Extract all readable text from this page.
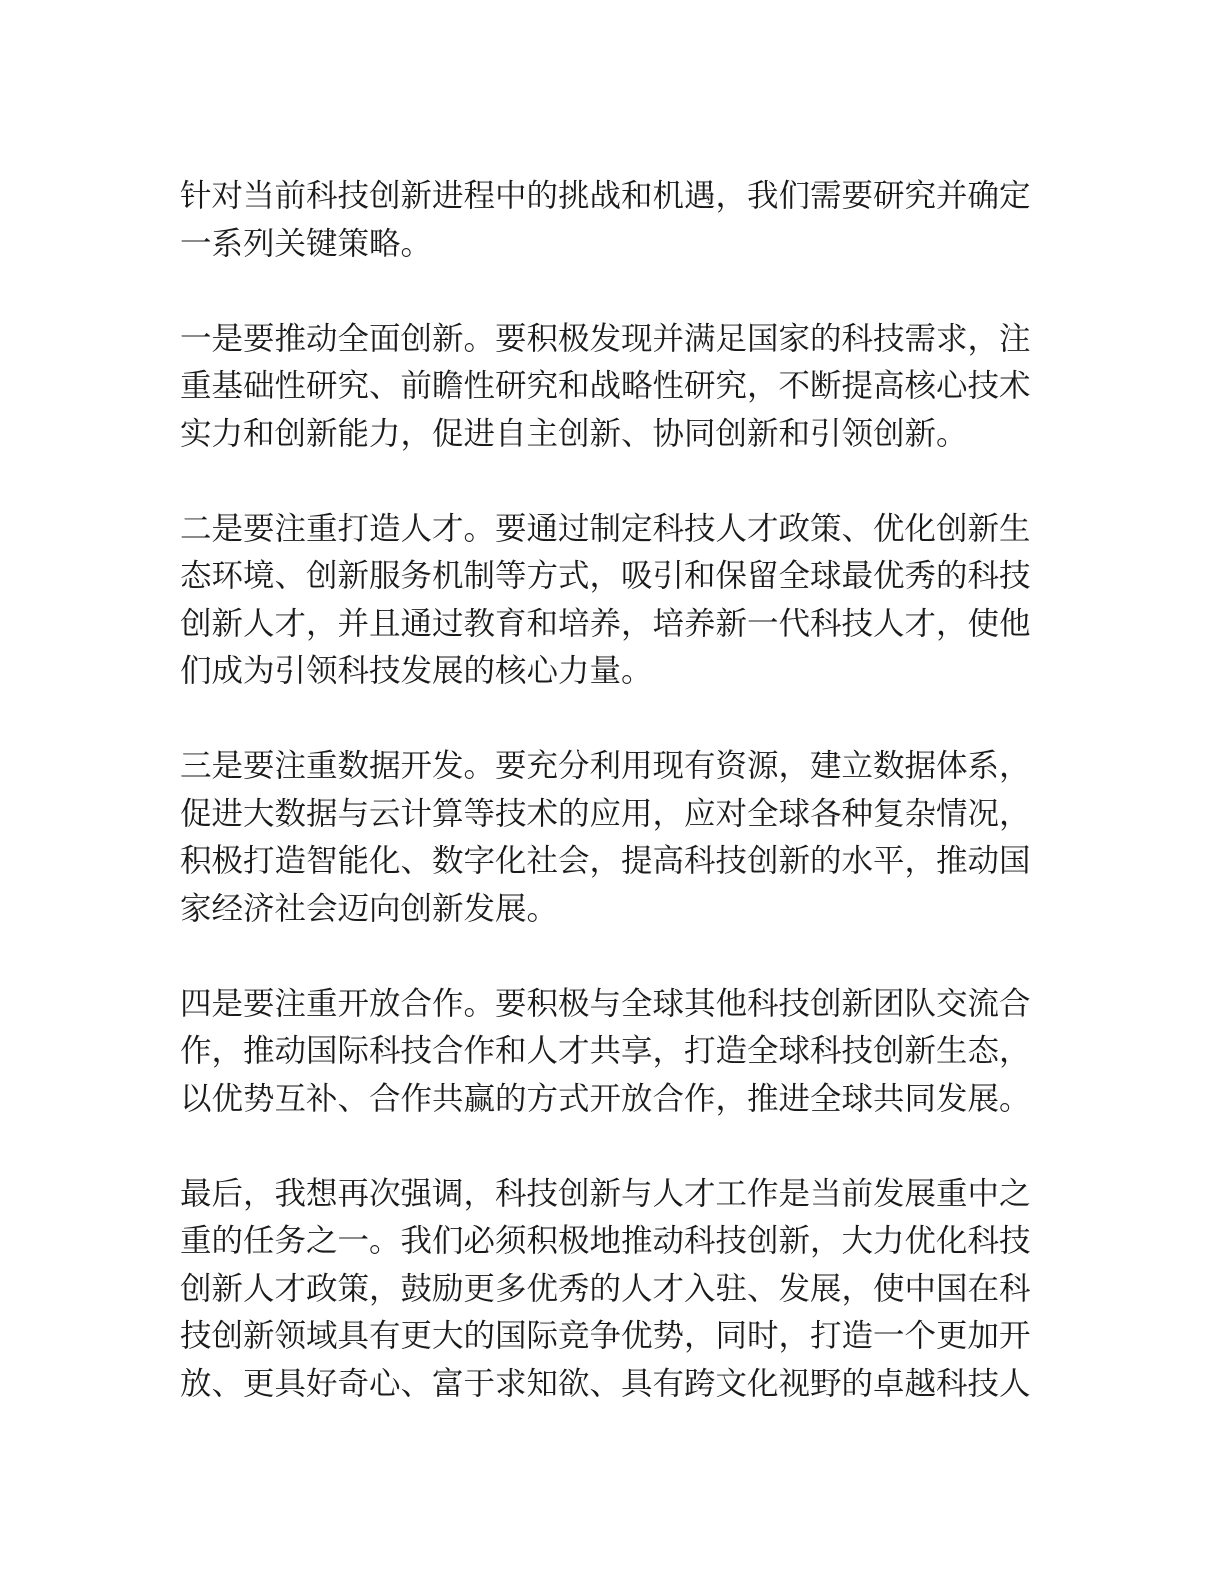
针对当前科技创新进程中的挑战和机遇，我们需要研究并确定
一系列关键策略。

一是要推动全面创新。要积极发现并满足国家的科技需求，注
重基础性研究、前瞻性研究和战略性研究，不断提高核心技术
实力和创新能力，促进自主创新、协同创新和引领创新。

二是要注重打造人才。要通过制定科技人才政策、优化创新生
态环境、创新服务机制等方式，吸引和保留全球最优秀的科技
创新人才，并且通过教育和培养，培养新一代科技人才，使他
们成为引领科技发展的核心力量。

三是要注重数据开发。要充分利用现有资源，建立数据体系，
促进大数据与云计算等技术的应用，应对全球各种复杂情况，
积极打造智能化、数字化社会，提高科技创新的水平，推动国
家经济社会迈向创新发展。

四是要注重开放合作。要积极与全球其他科技创新团队交流合
作，推动国际科技合作和人才共享，打造全球科技创新生态，
以优势互补、合作共赢的方式开放合作，推进全球共同发展。

最后，我想再次强调，科技创新与人才工作是当前发展重中之
重的任务之一。我们必须积极地推动科技创新，大力优化科技
创新人才政策，鼓励更多优秀的人才入驻、发展，使中国在科
技创新领域具有更大的国际竞争优势，同时，打造一个更加开
放、更具好奇心、富于求知欲、具有跨文化视野的卓越科技人
